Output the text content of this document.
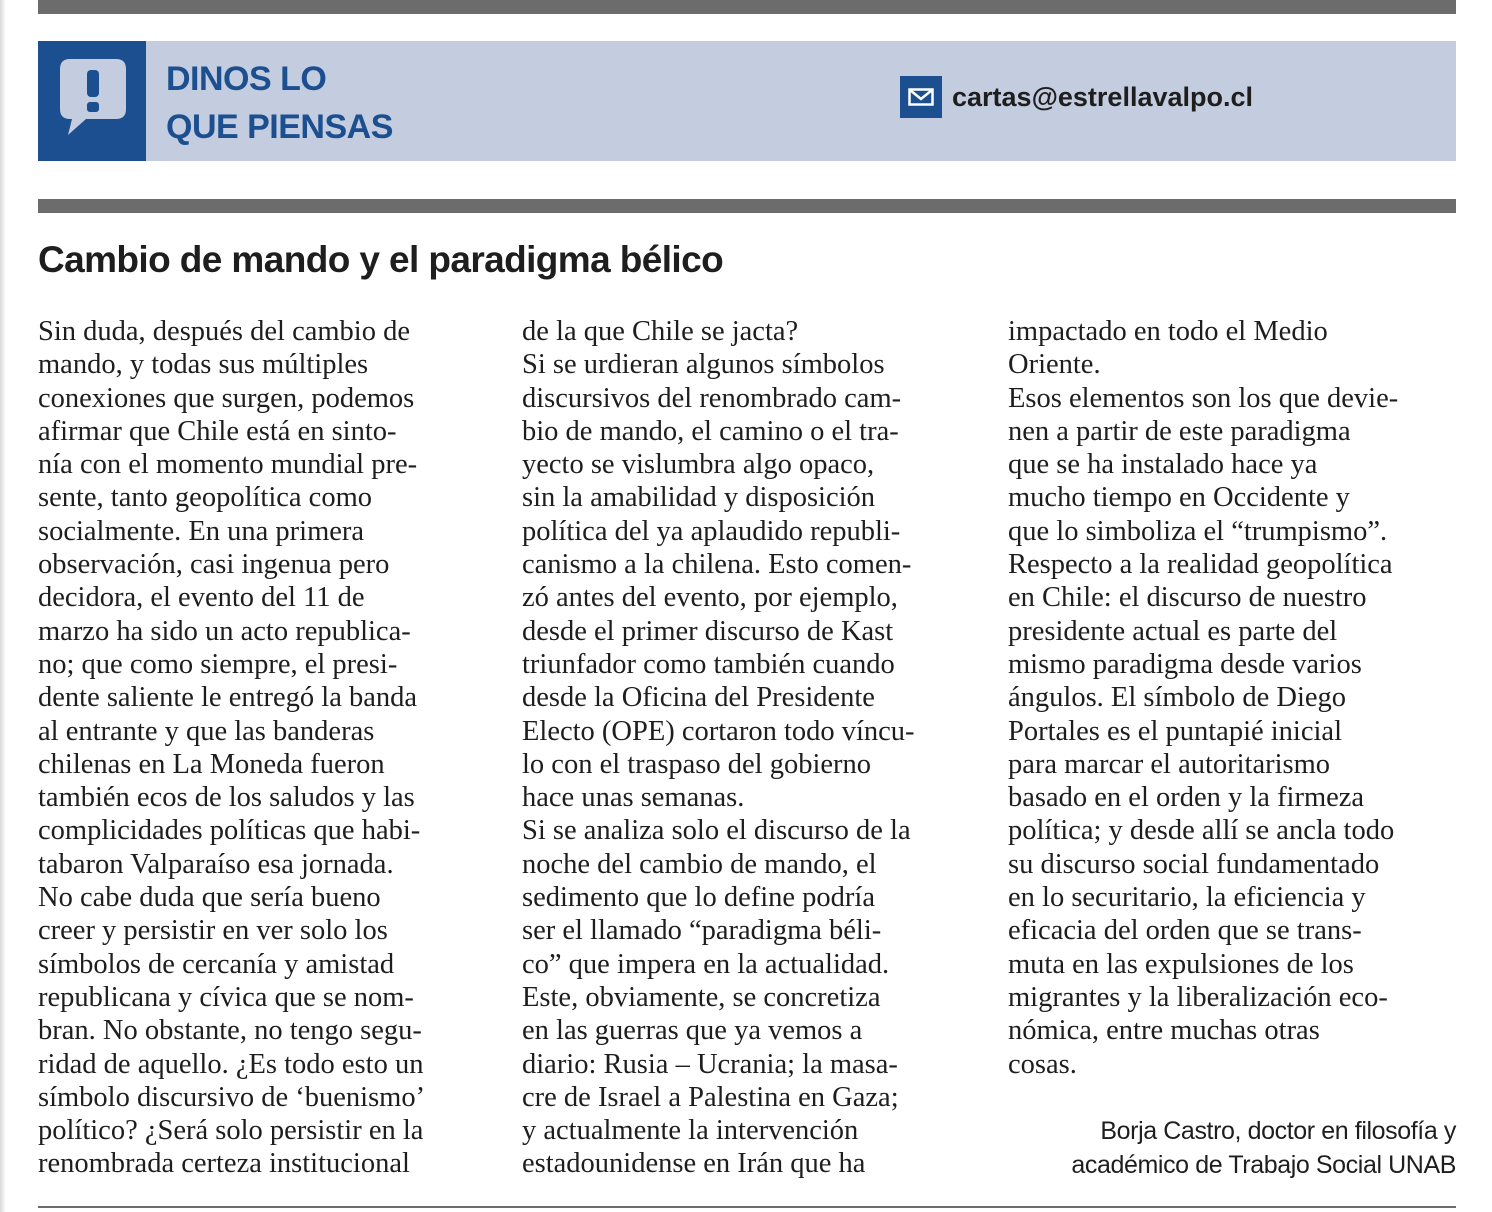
DINOS LO
QUE PIENSAS
cartas@estrellavalpo.cl
Cambio de mando y el paradigma bélico
Sin duda, después del cambio de
mando, y todas sus múltiples
conexiones que surgen, podemos
afirmar que Chile está en sinto-
nía con el momento mundial pre-
sente, tanto geopolítica como
socialmente. En una primera
observación, casi ingenua pero
decidora, el evento del 11 de
marzo ha sido un acto republica-
no; que como siempre, el presi-
dente saliente le entregó la banda
al entrante y que las banderas
chilenas en La Moneda fueron
también ecos de los saludos y las
complicidades políticas que habi-
tabaron Valparaíso esa jornada.
No cabe duda que sería bueno
creer y persistir en ver solo los
símbolos de cercanía y amistad
republicana y cívica que se nom-
bran. No obstante, no tengo segu-
ridad de aquello. ¿Es todo esto un
símbolo discursivo de ‘buenismo’
político? ¿Será solo persistir en la
renombrada certeza institucional
de la que Chile se jacta?
Si se urdieran algunos símbolos
discursivos del renombrado cam-
bio de mando, el camino o el tra-
yecto se vislumbra algo opaco,
sin la amabilidad y disposición
política del ya aplaudido republi-
canismo a la chilena. Esto comen-
zó antes del evento, por ejemplo,
desde el primer discurso de Kast
triunfador como también cuando
desde la Oficina del Presidente
Electo (OPE) cortaron todo víncu-
lo con el traspaso del gobierno
hace unas semanas.
Si se analiza solo el discurso de la
noche del cambio de mando, el
sedimento que lo define podría
ser el llamado “paradigma béli-
co” que impera en la actualidad.
Este, obviamente, se concretiza
en las guerras que ya vemos a
diario: Rusia – Ucrania; la masa-
cre de Israel a Palestina en Gaza;
y actualmente la intervención
estadounidense en Irán que ha
impactado en todo el Medio
Oriente.
Esos elementos son los que devie-
nen a partir de este paradigma
que se ha instalado hace ya
mucho tiempo en Occidente y
que lo simboliza el “trumpismo”.
Respecto a la realidad geopolítica
en Chile: el discurso de nuestro
presidente actual es parte del
mismo paradigma desde varios
ángulos. El símbolo de Diego
Portales es el puntapié inicial
para marcar el autoritarismo
basado en el orden y la firmeza
política; y desde allí se ancla todo
su discurso social fundamentado
en lo securitario, la eficiencia y
eficacia del orden que se trans-
muta en las expulsiones de los
migrantes y la liberalización eco-
nómica, entre muchas otras
cosas.
Borja Castro, doctor en filosofía y
académico de Trabajo Social UNAB
